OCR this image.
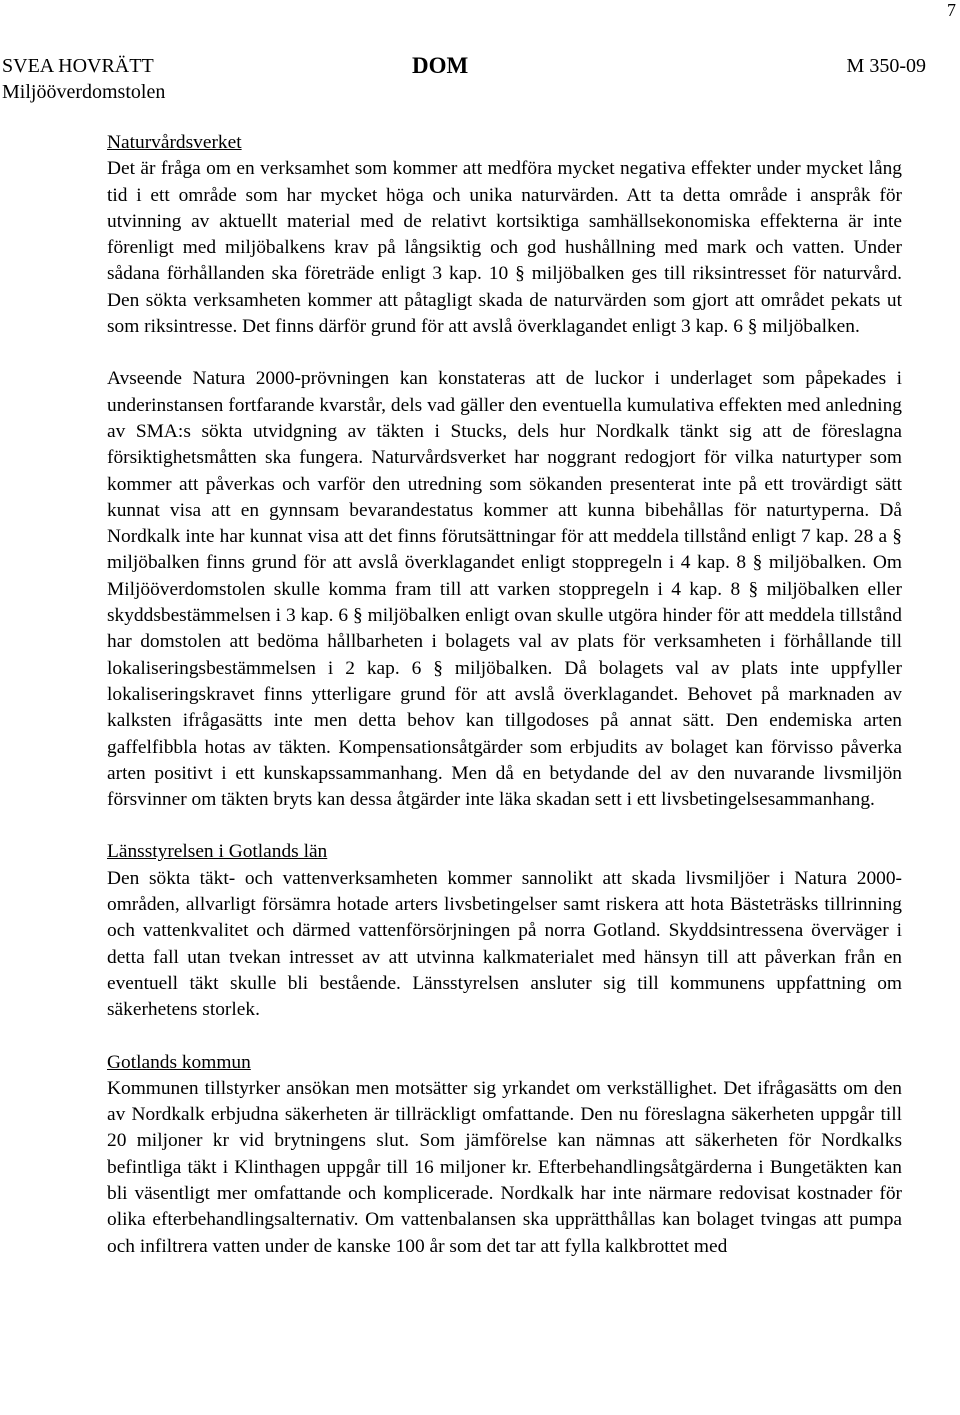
7
SVEA HOVRÄTT
Miljööverdomstolen
DOM	M 350-09

Naturvårdsverket

Det är fråga om en verksamhet som kommer att medföra mycket negativa effekter under mycket lång tid i ett område som har mycket höga och unika naturvärden. Att ta detta område i anspråk för utvinning av aktuellt material med de relativt kortsiktiga samhällsekonomiska effekterna är inte förenligt med miljöbalkens krav på långsiktig och god hushållning med mark och vatten. Under sådana förhållanden ska företräde enligt 3 kap. 10 § miljöbalken ges till riksintresset för naturvård. Den sökta verksamheten kommer att påtagligt skada de naturvärden som gjort att området pekats ut som riksintresse. Det finns därför grund för att avslå överklagandet enligt 3 kap. 6 § miljöbalken.

Avseende Natura 2000-prövningen kan konstateras att de luckor i underlaget som påpekades i underinstansen fortfarande kvarstår, dels vad gäller den eventuella kumulativa effekten med anledning av SMA:s sökta utvidgning av täkten i Stucks, dels hur Nordkalk tänkt sig att de föreslagna försiktighetsmåtten ska fungera. Naturvårdsverket har noggrant redogjort för vilka naturtyper som kommer att påverkas och varför den utredning som sökanden presenterat inte på ett trovärdigt sätt kunnat visa att en gynnsam bevarandestatus kommer att kunna bibehållas för naturtyperna. Då Nordkalk inte har kunnat visa att det finns förutsättningar för att meddela tillstånd enligt 7 kap. 28 a § miljöbalken finns grund för att avslå överklagandet enligt stoppregeln i 4 kap. 8 § miljöbalken. Om Miljööverdomstolen skulle komma fram till att varken stoppregeln i 4 kap. 8 § miljöbalken eller skyddsbestämmelsen i 3 kap. 6 § miljöbalken enligt ovan skulle utgöra hinder för att meddela tillstånd har domstolen att bedöma hållbarheten i bolagets val av plats för verksamheten i förhållande till lokaliseringsbestämmelsen i 2 kap. 6 § miljöbalken. Då bolagets val av plats inte uppfyller lokaliseringskravet finns ytterligare grund för att avslå överklagandet. Behovet på marknaden av kalksten ifrågasätts inte men detta behov kan tillgodoses på annat sätt. Den endemiska arten gaffelfibbla hotas av täkten. Kompensationsåtgärder som erbjudits av bolaget kan förvisso påverka arten positivt i ett kunskapssammanhang. Men då en betydande del av den nuvarande livsmiljön försvinner om täkten bryts kan dessa åtgärder inte läka skadan sett i ett livsbetingelsesammanhang.

Länsstyrelsen i Gotlands län

Den sökta täkt- och vattenverksamheten kommer sannolikt att skada livsmiljöer i Natura 2000-områden, allvarligt försämra hotade arters livsbetingelser samt riskera att hota Bästeträsks tillrinning och vattenkvalitet och därmed vattenförsörjningen på norra Gotland. Skyddsintressena överväger i detta fall utan tvekan intresset av att utvinna kalkmaterialet med hänsyn till att påverkan från en eventuell täkt skulle bli bestående. Länsstyrelsen ansluter sig till kommunens uppfattning om säkerhetens storlek.

Gotlands kommun

Kommunen tillstyrker ansökan men motsätter sig yrkandet om verkställighet. Det ifrågasätts om den av Nordkalk erbjudna säkerheten är tillräckligt omfattande. Den nu föreslagna säkerheten uppgår till 20 miljoner kr vid brytningens slut. Som jämförelse kan nämnas att säkerheten för Nordkalks befintliga täkt i Klinthagen uppgår till 16 miljoner kr. Efterbehandlingsåtgärderna i Bungetäkten kan bli väsentligt mer omfattande och komplicerade. Nordkalk har inte närmare redovisat kostnader för olika efterbehandlingsalternativ. Om vattenbalansen ska upprätthållas kan bolaget tvingas att pumpa och infiltrera vatten under de kanske 100 år som det tar att fylla kalkbrottet med
